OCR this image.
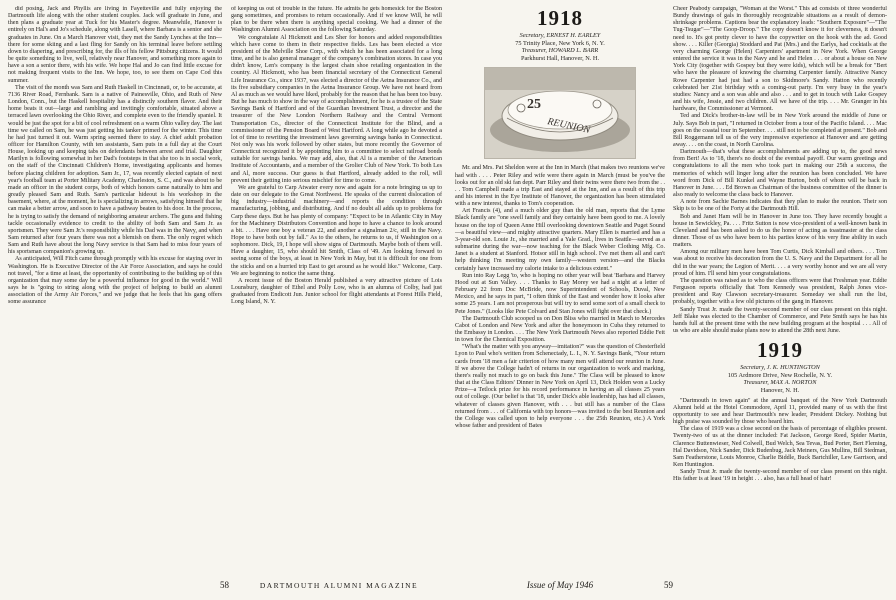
did posing, Jack and Phyllis are living in Fayetteville and fully enjoying the Dartmouth life along with the other student couples. Jack will graduate in June, and then plans a graduate year at Tuck for his Master's degree. Meanwhile, Hanover is entirely on Hal's and Jo's schedule, along with Lasell, where Barbara is a senior and she graduates in June. On a March Hanover visit, they met the Sandy Lynches at the Inn—there for some skiing and a last fling for Sandy on his terminal leave before settling down to diapering, and prescribing for, the ills of his fellow Pittsburg citizens. It would be quite something to live, well, relatively near Hanover, and something more again to have a son a senior there, with his wife. We hope Hal and Jo can find little excuse for not making frequent visits to the Inn. We hope, too, to see them on Cape Cod this summer.

The visit of the month was Sam and Ruth Haskell in Cincinnati, or, to be accurate, at 7136 River Road, Fernbank. Sam is a native of Painesville, Ohio, and Ruth of New London, Conn., but the Haskell hospitality has a distinctly southern flavor. And their home beats it out—large and rambling and invitingly comfortable, situated above a terraced lawn overlooking the Ohio River, and complete even to the friendly spaniel. It would be just the spot for a bit of cool refreshment on a warm Ohio valley day. The last time we called on Sam, he was just getting his tanker primed for the winter. This time he had just turned it out. Warm spring seemed there to stay. A chief adult probation officer for Hamilton County, with ten assistants, Sam puts in a full day at the Court House, looking up and keeping tabs on defendants between arrest and trial. Daughter Marilyn is following somewhat in her Dad's footsteps in that she too is in social work, on the staff of the Cincinnati Children's Home, investigating applicants and homes before placing children for adoption. Sam Jr., 17, was recently elected captain of next year's football team at Porter Military Academy, Charleston, S. C., and was about to be made an officer in the student corps, both of which honors came naturally to him and greatly pleased Sam and Ruth. Sam's particular hideout is his workshop in the basement, where, at the moment, he is specializing in arrows, satisfying himself that he can make a better arrow, and soon to have a pathway beaten to his door. In the process, he is trying to satisfy the demand of neighboring amateur archers. The guns and fishing tackle occasionally evidence to credit to the ability of both Sam and Sam Jr. as sportsmen. They were Sam Jr.'s responsibility while his Dad was in the Navy, and when Sam returned after four years there was not a blemish on them. The only regret which Sam and Ruth have about the long Navy service is that Sam had to miss four years of his sportsman companion's growing up.

As anticipated, Will Fitch came through promptly with his excuse for staying over in Washington. He is Executive Director of the Air Force Association, and says he could not travel, "for a time at least, the opportunity of contributing to the building up of this organization that may some day be a powerful influence for good in the world." Will says he is "going to string along with the project of helping to build an alumni association of the Army Air Forces," and we judge that he feels that his gang offers some assurance

of keeping us out of trouble in the future. He admits he gets homesick for the Boston gang sometimes, and promises to return occasionally. And if we know Will, he will plan to be there when there is anything special cooking. We had a dinner of the Washington Alumni Association on the following Saturday.

We congratulate Al Hickmott and Les Sher for honors and added responsibilities which have come to them in their respective fields. Les has been elected a vice president of the Melville Shoe Corp., with which he has been associated for a long time, and he is also general manager of the company's combination stores. In case you didn't know, Len's company is the largest chain shoe retailing organization in the country. Al Hickmott, who has been financial secretary of the Connecticut General Life Insurance Co., since 1937, was elected a director of the Aetna Insurance Co., and its five subsidiary companies in the Aetna Insurance Group. We have not heard from Al as much as we would have liked, probably for the reason that he has been too busy. But he has much to show in the way of accomplishment, for he is a trustee of the State Savings Bank of Hartford and of the Guardian Investment Trust, a director and the treasurer of the New London Northern Railway and the Central Vermont Transportation Co., director of the Connecticut Institute for the Blind, and a commissioner of the Pension Board of West Hartford. A long while ago he devoted a lot of time to rewriting the investment laws governing savings banks in Connecticut. Not only was his work followed by other states, but more recently the Governor of Connecticut recognized it by appointing him to a committee to select railroad bonds suitable for savings banks. We may add, also, that Al is a member of the American Institute of Accountants, and a member of the Grolier Club of New York. To both Les and Al, more success. Our guess is that Hartford, already added to the roll, will prevent their getting into serious mischief for time to come.

We are grateful to Carp Atwater every now and again for a note bringing us up to date on our delegate to the Great Northwest. He speaks of the current dislocation of big industry—industrial machinery—and reports the condition through manufacturing, jobbing, and distributing. And if no doubt all adds up to problems for Carp these days. But he has plenty of company: "Expect to be in Atlantic City in May for the Machinery Distributors Convention and hope to have a chance to look around a bit. . . . Have one boy a veteran 22, and another a signalman 2/c, still in the Navy. Hope to have both out by fall." As to the others, he returns to us, if Washington on a sophomore. Dick, 19, I hope will show signs of Dartmouth. Maybe both of them will. Have a daughter, 15, who should hit Smith, Class of '49. Am looking forward to seeing some of the boys, at least in New York in May, but it is difficult for one from the sticks and on a hurried trip East to get around as he would like." Welcome, Carp. We are beginning to notice the same thing.

A recent issue of the Boston Herald published a very attractive picture of Lois Lounsbury, daughter of Ethel and Polly Low, who is an alumna of Colby, had just graduated from Endicott Jun. Junior school for flight attendants at Forest Hills Field, Long Island, N. Y.

1918
Secretary, ERNEST H. EARLEY
75 Trinity Place, New York 6, N. Y.
Treasurer, HOWARD L. BARR
Parkhurst Hall, Hanover, N. H.
25
REUNION

Mr. and Mrs. Pat Sheldon were at the Inn in March (that makes two reunions we've had with . . . . Peter Riley and wife were there again in March (must be you've the looks out for an old ski fan dept. Parr Riley and their twins were there two from the . . . . Tom Campbell made a trip East and stayed at the Inn, and as a result of this trip and his interest in the Eye Institute of Hanover, the organization has been stimulated with a new interest, thanks to Tom's cooperation.

Art Francis (4), and a much older guy than the old man, reports that the Lyme Black family are "one swell family and they certainly have been good to me. A lovely house on the top of Queen Anne Hill overlooking downtown Seattle and Puget Sound—a beautiful view—and mighty attractive quarters. Mary Ellen is married and has a 3-year-old son. Louie Jr., she married and a Yale Grad., lives in Seattle—served as a submarine during the war—now teaching for the Black Weber Clothing Mfg. Co. Janet is a student at Stanford. Hotsor still in high school. I've met them all and can't help thinking I'm meeting my own family—western version—and the Blacks certainly have increased my calorie intake to a delicious extent."

Run into Ray Legg 'to, who is hoping no other year will beat 'Barbara and Harvey Hood out at Sun Valley. . . . Thanks to Ray Morey we had a night at a letter of February 22 from Doc McBride, now Superintendent of Schools, Duval, New Mexico, and he says in part, "I often think of the East and wonder how it looks after some 25 years. I am not prosperous but will try to send some sort of a small check to Pete Jones." (Looks like Pete Colvard and Stan Jones will fight over that check.)

The Dartmouth Club scooped us on Don Bliss who married in March to Mercedes Cabot of London and New York and after the honeymoon in Cuba they returned to the Embassy in London. . . . The New York Dartmouth News also reported Eddie Feit in town for the Chemical Exposition.

"What's the matter with you anyway—imitation?" was the question of Chesterfield Lyon to Paul who's written from Schenectady, L. I., N. Y. Savings Bank, "Your return cards from '18 men a fair criterion of how many men will attend our reunion in June. If we above the College hadn't of returns in our organization to work and marking, there's really not much to go on back this June." The Class will be pleased to know that at the Class Editors' Dinner in New York on April 13, Dick Holden won a Lucky Prize—a Tetlock prize for his record performance in having an all classes 25 years out of college. (Our belief is that '18, under Dick's able leadership, has had all classes, whatever of classes given Hanover, with . . . but still has a number of the Class returned from . . . of California with top honors—was invited to the best Reunion and the College was called upon to help everyone . . . the 25th Reunion, etc.) A York whose father and president of Bates

Cheer Peabody campaign, "Woman at the Worst." This ad consists of three wonderful Bundy drawings of gals in thoroughly recognizable situations as a result of demon-shrinkage problems. Captions bear the explanatory leads: "Southern Exposure"—"The Tug-Tsugar"—"The Goop-Droop." The copy doesn't know it for cleverness, it doesn't need to. It's got pretty clever to have the copywriter on the hook with the ad. Good show. . . . Killer (Georgia) Stoddard and Pat (Mrs.) and the Earlys, had cocktails at the very charming George (Helen) Carpenters' apartment in New York. When George entered the service it was in the Navy and he and Helen . . . or about a house on New York City (together with Gospey but they were kids), which will be a break for "Bert who have the pleasure of knowing the charming Carpenter family. Attractive Nancy Rowe Carpenter had just had a son to Skidmore's Sandy. Hatton who recently celebrated her 21st birthday with a coming-out party. I'm very busy in the year's studies: Nancy and a son was able and also . . . and to get in touch with Lake Gospey and his wife, Jessie, and two children. All we have of the trip. . . . Mr. Granger in his hardware, the Commissioner at Vermont.

Ted and Dick's brother-in-law will be in New York around the middle of June or July. Says Bob in part, "I returned in October from a tour of the Pacific Island. . . . Mac goes on the coastal tour in September. . . . still not to be completed at present." Bob and Bill Roggemann tell us of the very impressive experience at Hanover and are getting away. . . . on the coast, in North Carolina.

Dartmouth—that's what these accomplishments are adding up to, the good news from Bert! As to '18, there's no doubt of the eventual payoff. Our warm greetings and congratulations to all the men who took part in making our 25th a success, the memories of which will linger long after the reunion has been concluded. We have word from Dick of Bill Kunkel and Wayne Burton, both of whom will be back in Hanover in June. . . . Ed Brown as Chairman of the business committee of the dinner is also ready to welcome the class back to Hanover.

A note from Sachie Barnes indicates that they plan to make the reunion. Their son Skip is to be one of the Forty at the Dartmouth Hill.

Bob and Janet Ham will be in Hanover in June too. They have recently bought a house in Sewickley, Pa. . . . Fritz Sutton is now vice-president of a well-known bank in Cleveland and has been asked to do us the honor of acting as toastmaster at the class dinner. Those of us who have been to his parties know of his very fine ability in such matters.

Among our military men have been Tom Curtis, Dick Kimball and others. . . . Tom was about to receive his decoration from the U. S. Navy and the Department for all he did in the war years; the Legion of Merit. . . . a very worthy honor and we are all very proud of him. I'll send him your congratulations.

The question was raised as to who the class officers were that Freshman year. Eddie Ferguson reports officially that Tom Kennedy was president, Ralph Jones vice-president and Ray Clawson secretary-treasurer. Someday we shall run the list, probably, together with a few old pictures of the gang in Hanover.

Sandy Trust Jr. made the twenty-second member of our class present on this night. Jeff Blake was elected to the Chamber of Commerce, and Pete Smith says he has his hands full at the present time with the new building program at the hospital . . . All of us who are able should make plans now to attend the 28th next June.

1919
Secretary, J. K. HUNTINGTON
105 Ardmore Drive, New Rochelle, N. Y.
Treasurer, MAX A. NORTON
Hanover, N. H.

"Dartmouth in town again" at the annual banquet of the New York Dartmouth Alumni held at the Hotel Commodore, April 11, provided many of us with the first opportunity to see and hear Dartmouth's new leader, President Dickey. Nothing but high praise was sounded by those who heard him.

The class of 1919 was a close second on the basis of percentage of eligibles present. Twenty-two of us at the dinner included: Fat Jackson, George Reed, Spider Martin, Clarence Buttenwieser, Ned Colwell, Bud Welch, Sea Tevas, Bud Porter, Bert Fleming, Hal Davidson, Nick Sander, Dick Budenbug, Jack Meiners, Gus Mullins, Bill Stedman, Sam Featherstone, Louis Monroe, Charlie Biddle, Buck Bartchiller, Lew Garrison, and Ken Huntington.

Sandy Trust Jr. made the twenty-second member of our class present on this night. His father is at least '19 in height . . . also, has a full head of hair!

58	DARTMOUTH ALUMNI MAGAZINE	Issue of May 1946	59
